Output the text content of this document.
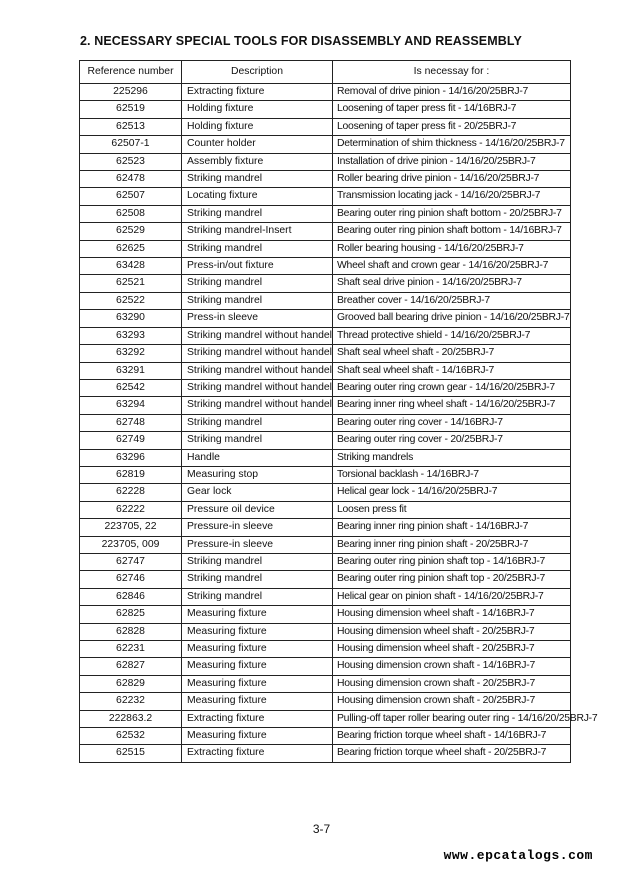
2. NECESSARY SPECIAL TOOLS FOR DISASSEMBLY AND REASSEMBLY
Reference number	Description	Is necessay for :
225296	Extracting fixture	Removal of drive pinion - 14/16/20/25BRJ-7
62519	Holding fixture	Loosening of taper press fit - 14/16BRJ-7
62513	Holding fixture	Loosening of taper press fit - 20/25BRJ-7
62507-1	Counter holder	Determination of shim thickness - 14/16/20/25BRJ-7
62523	Assembly fixture	Installation of drive pinion - 14/16/20/25BRJ-7
62478	Striking mandrel	Roller bearing drive pinion - 14/16/20/25BRJ-7
62507	Locating fixture	Transmission locating jack - 14/16/20/25BRJ-7
62508	Striking mandrel	Bearing outer ring pinion shaft bottom - 20/25BRJ-7
62529	Striking mandrel-Insert	Bearing outer ring pinion shaft bottom - 14/16BRJ-7
62625	Striking mandrel	Roller bearing housing - 14/16/20/25BRJ-7
63428	Press-in/out fixture	Wheel shaft and crown gear - 14/16/20/25BRJ-7
62521	Striking mandrel	Shaft seal drive pinion - 14/16/20/25BRJ-7
62522	Striking mandrel	Breather cover - 14/16/20/25BRJ-7
63290	Press-in sleeve	Grooved ball bearing drive pinion - 14/16/20/25BRJ-7
63293	Striking mandrel without handel	Thread protective shield - 14/16/20/25BRJ-7
63292	Striking mandrel without handel	Shaft seal wheel shaft - 20/25BRJ-7
63291	Striking mandrel without handel	Shaft seal wheel shaft - 14/16BRJ-7
62542	Striking mandrel without handel	Bearing outer ring crown gear - 14/16/20/25BRJ-7
63294	Striking mandrel without handel	Bearing inner ring wheel shaft - 14/16/20/25BRJ-7
62748	Striking mandrel	Bearing outer ring cover - 14/16BRJ-7
62749	Striking mandrel	Bearing outer ring cover - 20/25BRJ-7
63296	Handle	Striking mandrels
62819	Measuring stop	Torsional backlash - 14/16BRJ-7
62228	Gear lock	Helical gear lock - 14/16/20/25BRJ-7
62222	Pressure oil device	Loosen press fit
223705, 22	Pressure-in sleeve	Bearing inner ring pinion shaft - 14/16BRJ-7
223705, 009	Pressure-in sleeve	Bearing inner ring pinion shaft - 20/25BRJ-7
62747	Striking mandrel	Bearing outer ring pinion shaft top - 14/16BRJ-7
62746	Striking mandrel	Bearing outer ring pinion shaft top - 20/25BRJ-7
62846	Striking mandrel	Helical gear on pinion shaft - 14/16/20/25BRJ-7
62825	Measuring fixture	Housing dimension wheel shaft - 14/16BRJ-7
62828	Measuring fixture	Housing dimension wheel shaft - 20/25BRJ-7
62231	Measuring fixture	Housing dimension wheel shaft - 20/25BRJ-7
62827	Measuring fixture	Housing dimension crown shaft - 14/16BRJ-7
62829	Measuring fixture	Housing dimension crown shaft - 20/25BRJ-7
62232	Measuring fixture	Housing dimension crown shaft - 20/25BRJ-7
222863.2	Extracting fixture	Pulling-off taper roller bearing outer ring - 14/16/20/25BRJ-7
62532	Measuring fixture	Bearing friction torque wheel shaft - 14/16BRJ-7
62515	Extracting fixture	Bearing friction torque wheel shaft - 20/25BRJ-7
3-7
www.epcatalogs.com
